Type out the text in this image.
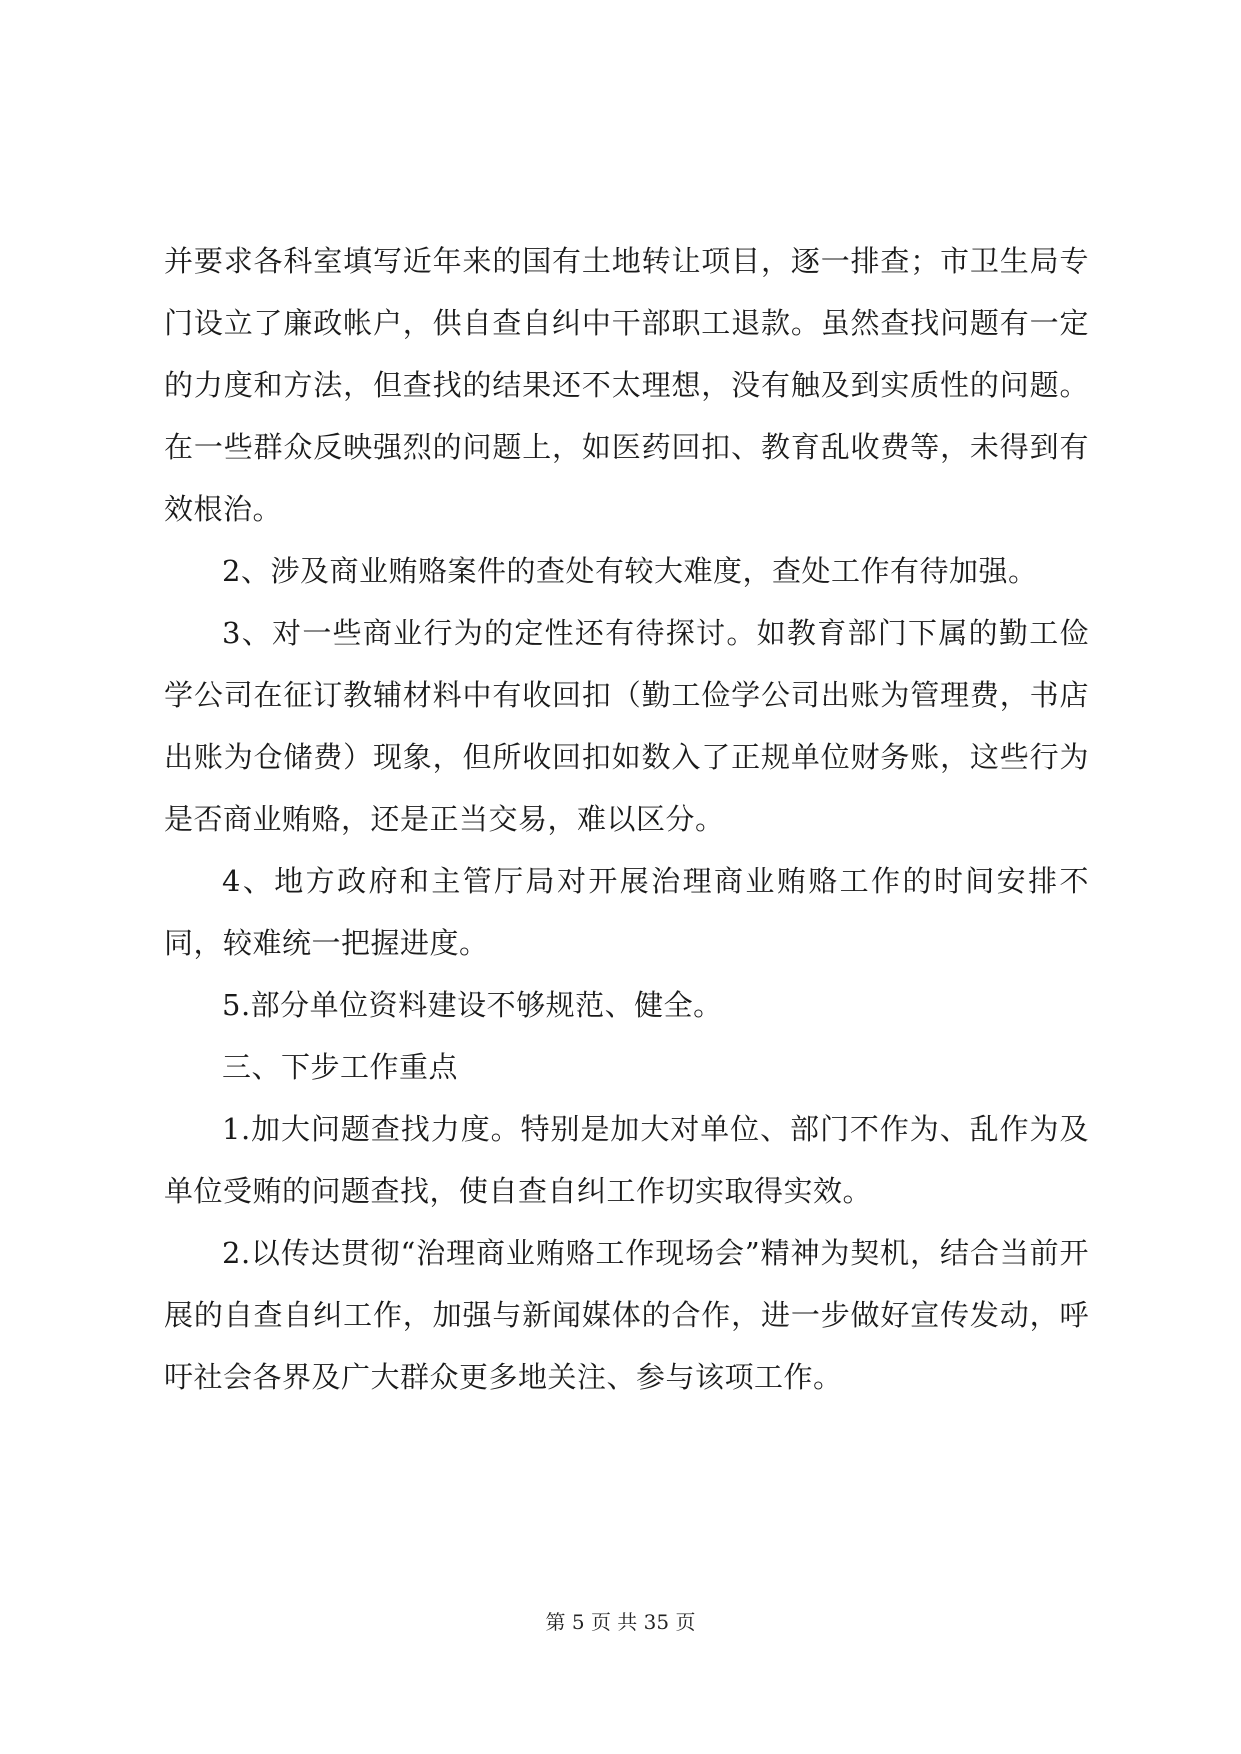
并要求各科室填写近年来的国有土地转让项目，逐一排查；市卫生局专门设立了廉政帐户，供自查自纠中干部职工退款。虽然查找问题有一定的力度和方法，但查找的结果还不太理想，没有触及到实质性的问题。在一些群众反映强烈的问题上，如医药回扣、教育乱收费等，未得到有效根治。

2、涉及商业贿赂案件的查处有较大难度，查处工作有待加强。

3、对一些商业行为的定性还有待探讨。如教育部门下属的勤工俭学公司在征订教辅材料中有收回扣（勤工俭学公司出账为管理费，书店出账为仓储费）现象，但所收回扣如数入了正规单位财务账，这些行为是否商业贿赂，还是正当交易，难以区分。

4、地方政府和主管厅局对开展治理商业贿赂工作的时间安排不同，较难统一把握进度。

5.部分单位资料建设不够规范、健全。

三、下步工作重点

1.加大问题查找力度。特别是加大对单位、部门不作为、乱作为及单位受贿的问题查找，使自查自纠工作切实取得实效。

2.以传达贯彻“治理商业贿赂工作现场会”精神为契机，结合当前开展的自查自纠工作，加强与新闻媒体的合作，进一步做好宣传发动，呼吁社会各界及广大群众更多地关注、参与该项工作。

第 5 页 共 35 页
